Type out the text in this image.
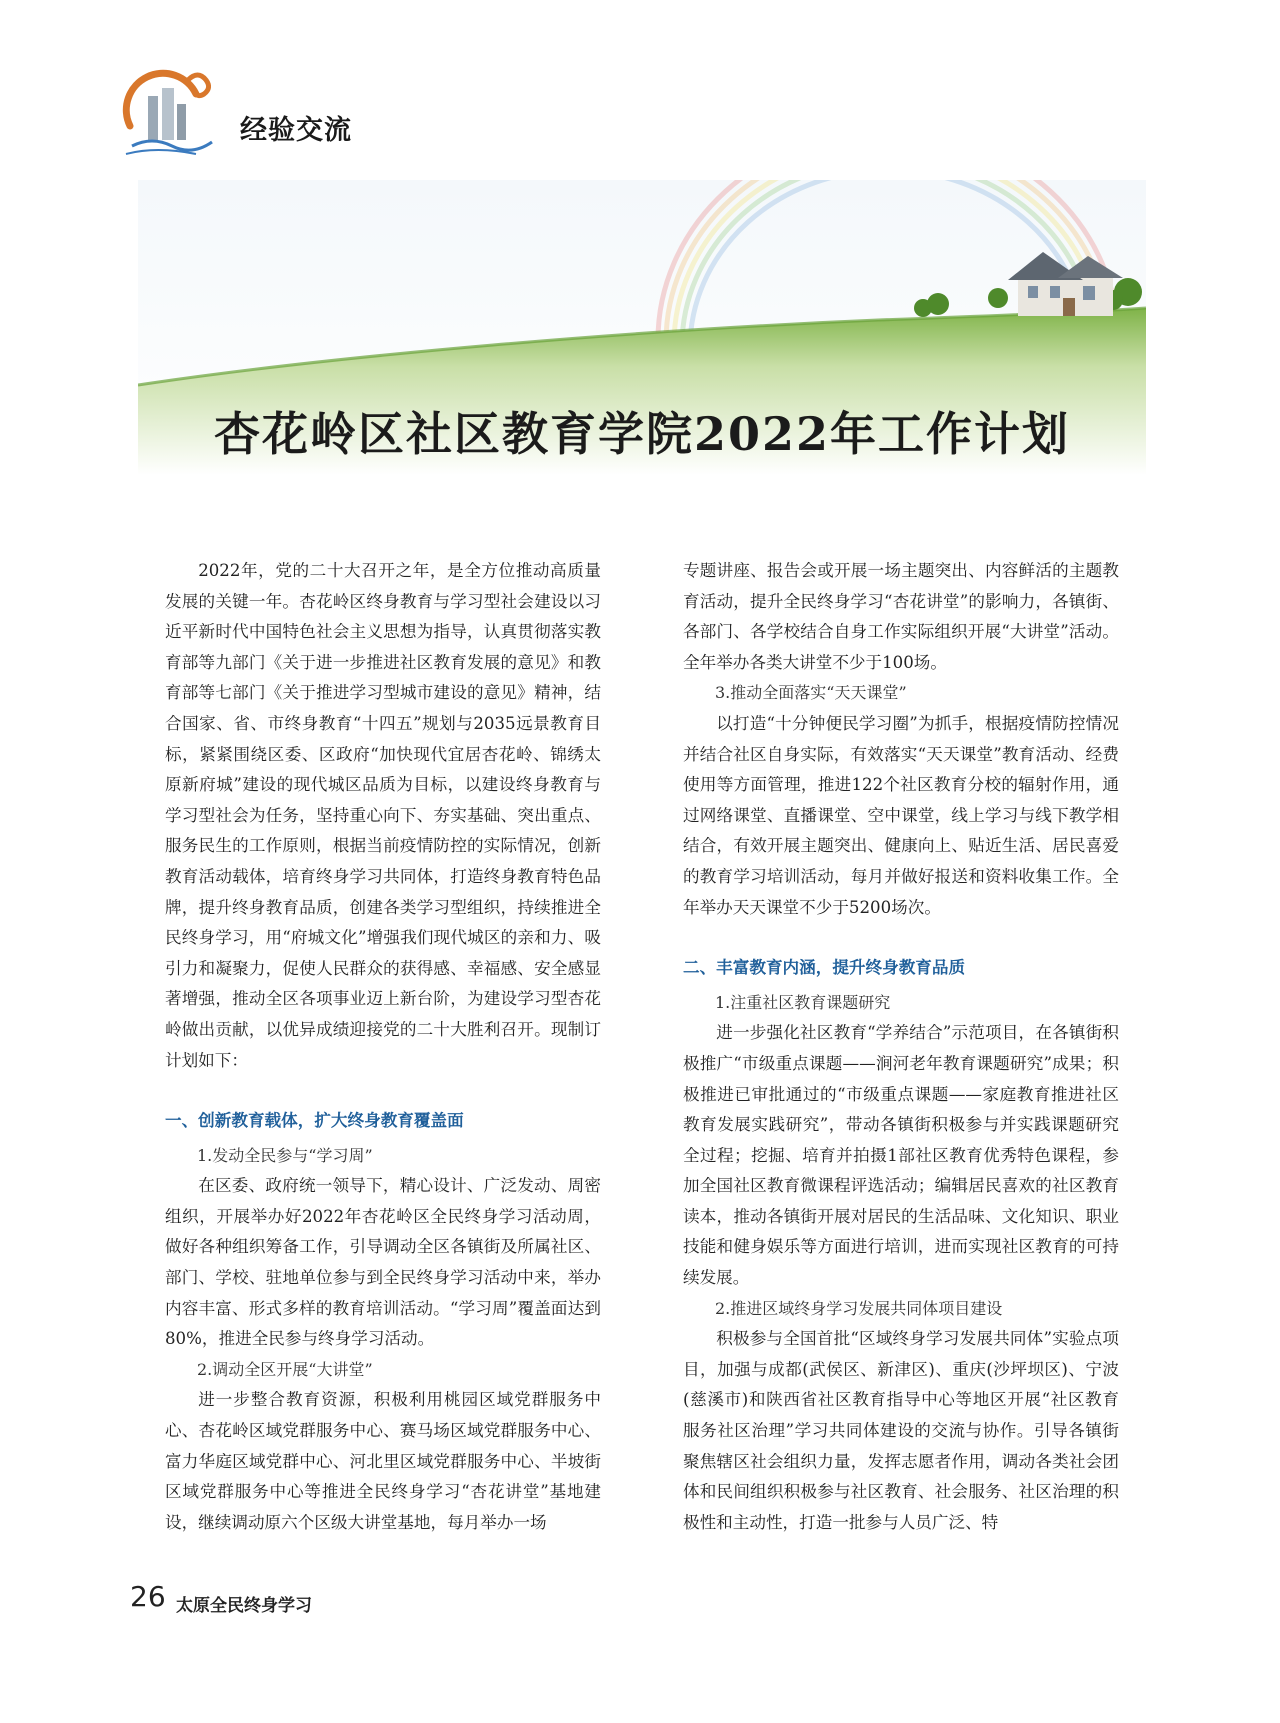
经验交流
杏花岭区社区教育学院2022年工作计划

2022年，党的二十大召开之年，是全方位推动高质量发展的关键一年。杏花岭区终身教育与学习型社会建设以习近平新时代中国特色社会主义思想为指导，认真贯彻落实教育部等九部门《关于进一步推进社区教育发展的意见》和教育部等七部门《关于推进学习型城市建设的意见》精神，结合国家、省、市终身教育“十四五”规划与2035远景教育目标，紧紧围绕区委、区政府“加快现代宜居杏花岭、锦绣太原新府城”建设的现代城区品质为目标，以建设终身教育与学习型社会为任务，坚持重心向下、夯实基础、突出重点、服务民生的工作原则，根据当前疫情防控的实际情况，创新教育活动载体，培育终身学习共同体，打造终身教育特色品牌，提升终身教育品质，创建各类学习型组织，持续推进全民终身学习，用“府城文化”增强我们现代城区的亲和力、吸引力和凝聚力，促使人民群众的获得感、幸福感、安全感显著增强，推动全区各项事业迈上新台阶，为建设学习型杏花岭做出贡献，以优异成绩迎接党的二十大胜利召开。现制订计划如下：

一、创新教育载体，扩大终身教育覆盖面

1.发动全民参与“学习周”

在区委、政府统一领导下，精心设计、广泛发动、周密组织，开展举办好2022年杏花岭区全民终身学习活动周，做好各种组织筹备工作，引导调动全区各镇街及所属社区、部门、学校、驻地单位参与到全民终身学习活动中来，举办内容丰富、形式多样的教育培训活动。“学习周”覆盖面达到80%，推进全民参与终身学习活动。

2.调动全区开展“大讲堂”

进一步整合教育资源，积极利用桃园区域党群服务中心、杏花岭区域党群服务中心、赛马场区域党群服务中心、富力华庭区域党群中心、河北里区域党群服务中心、半坡街区域党群服务中心等推进全民终身学习“杏花讲堂”基地建设，继续调动原六个区级大讲堂基地，每月举办一场

专题讲座、报告会或开展一场主题突出、内容鲜活的主题教育活动，提升全民终身学习“杏花讲堂”的影响力，各镇街、各部门、各学校结合自身工作实际组织开展“大讲堂”活动。全年举办各类大讲堂不少于100场。

3.推动全面落实“天天课堂”

以打造“十分钟便民学习圈”为抓手，根据疫情防控情况并结合社区自身实际，有效落实“天天课堂”教育活动、经费使用等方面管理，推进122个社区教育分校的辐射作用，通过网络课堂、直播课堂、空中课堂，线上学习与线下教学相结合，有效开展主题突出、健康向上、贴近生活、居民喜爱的教育学习培训活动，每月并做好报送和资料收集工作。全年举办天天课堂不少于5200场次。

二、丰富教育内涵，提升终身教育品质

1.注重社区教育课题研究

进一步强化社区教育“学养结合”示范项目，在各镇街积极推广“市级重点课题——涧河老年教育课题研究”成果；积极推进已审批通过的“市级重点课题——家庭教育推进社区教育发展实践研究”，带动各镇街积极参与并实践课题研究全过程；挖掘、培育并拍摄1部社区教育优秀特色课程，参加全国社区教育微课程评选活动；编辑居民喜欢的社区教育读本，推动各镇街开展对居民的生活品味、文化知识、职业技能和健身娱乐等方面进行培训，进而实现社区教育的可持续发展。

2.推进区域终身学习发展共同体项目建设

积极参与全国首批“区域终身学习发展共同体”实验点项目，加强与成都(武侯区、新津区)、重庆(沙坪坝区)、宁波(慈溪市)和陕西省社区教育指导中心等地区开展“社区教育服务社区治理”学习共同体建设的交流与协作。引导各镇街聚焦辖区社会组织力量，发挥志愿者作用，调动各类社会团体和民间组织积极参与社区教育、社会服务、社区治理的积极性和主动性，打造一批参与人员广泛、特

26 太原全民终身学习
